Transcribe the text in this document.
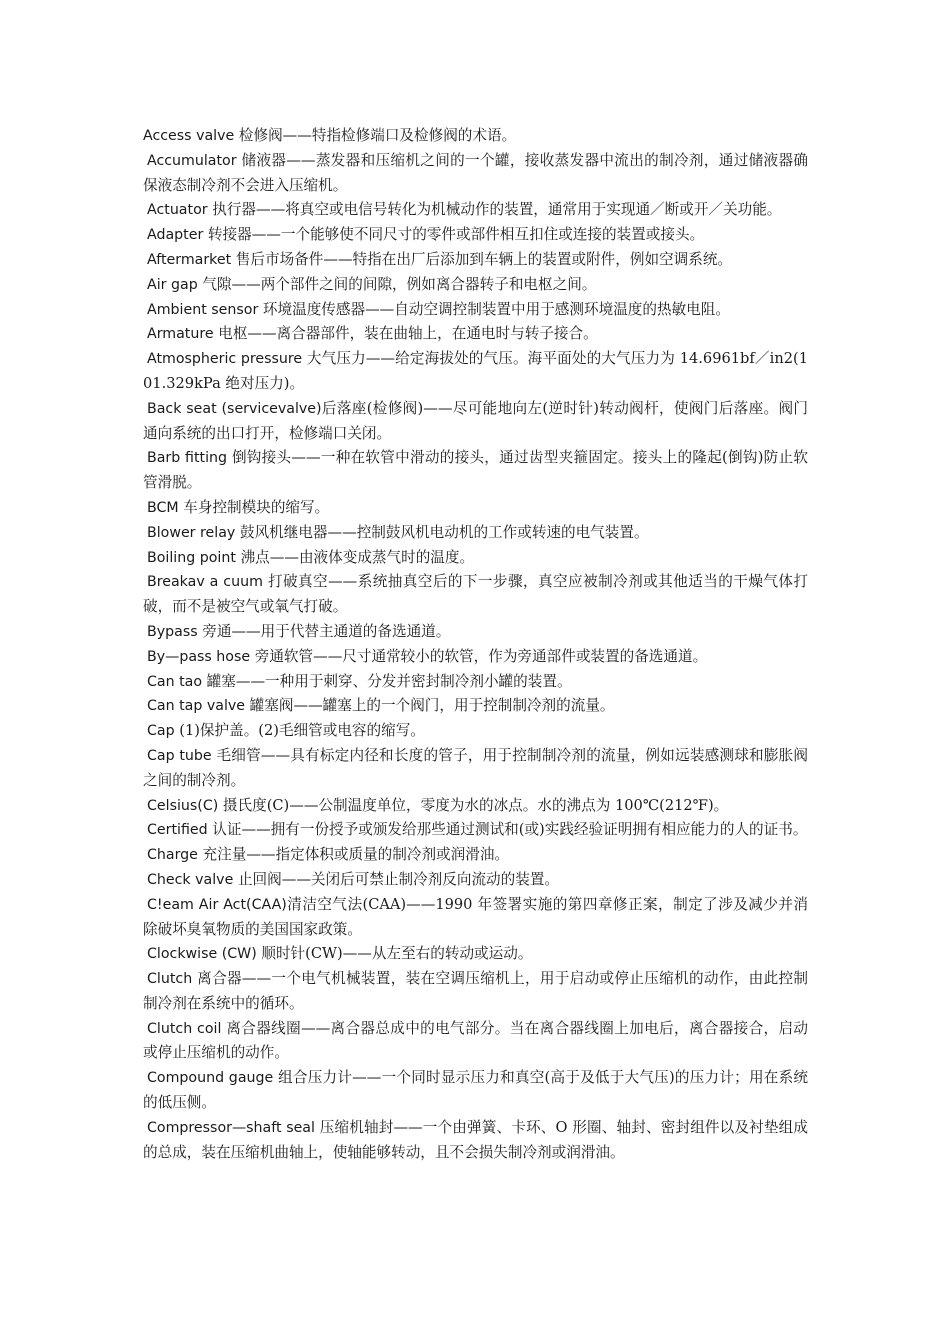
Access valve 检修阀——特指检修端口及检修阀的术语。

Accumulator 储液器——蒸发器和压缩机之间的一个罐，接收蒸发器中流出的制冷剂，通过储液器确保液态制冷剂不会进入压缩机。

Actuator 执行器——将真空或电信号转化为机械动作的装置，通常用于实现通／断或开／关功能。

Adapter 转接器——一个能够使不同尺寸的零件或部件相互扣住或连接的装置或接头。

Aftermarket 售后市场备件——特指在出厂后添加到车辆上的装置或附件，例如空调系统。

Air gap 气隙——两个部件之间的间隙，例如离合器转子和电枢之间。

Ambient sensor 环境温度传感器——自动空调控制装置中用于感测环境温度的热敏电阻。

Armature 电枢——离合器部件，装在曲轴上，在通电时与转子接合。

Atmospheric pressure 大气压力——给定海拔处的气压。海平面处的大气压力为 14.6961bf／in2(101.329kPa 绝对压力)。

Back seat (servicevalve)后落座(检修阀)——尽可能地向左(逆时针)转动阀杆，使阀门后落座。阀门通向系统的出口打开，检修端口关闭。

Barb fitting 倒钩接头——一种在软管中滑动的接头，通过齿型夹箍固定。接头上的隆起(倒钩)防止软管滑脱。

BCM 车身控制模块的缩写。

Blower relay 鼓风机继电器——控制鼓风机电动机的工作或转速的电气装置。

Boiling point 沸点——由液体变成蒸气时的温度。

Breakav a cuum 打破真空——系统抽真空后的下一步骤，真空应被制冷剂或其他适当的干燥气体打破，而不是被空气或氧气打破。

Bypass 旁通——用于代替主通道的备选通道。

By—pass hose 旁通软管——尺寸通常较小的软管，作为旁通部件或装置的备选通道。

Can tao 罐塞——一种用于刺穿、分发并密封制冷剂小罐的装置。

Can tap valve 罐塞阀——罐塞上的一个阀门，用于控制制冷剂的流量。

Cap (1)保护盖。(2)毛细管或电容的缩写。

Cap tube 毛细管——具有标定内径和长度的管子，用于控制制冷剂的流量，例如远装感测球和膨胀阀之间的制冷剂。

Celsius(C) 摄氏度(C)——公制温度单位，零度为水的冰点。水的沸点为 100℃(212℉)。

Certified 认证——拥有一份授予或颁发给那些通过测试和(或)实践经验证明拥有相应能力的人的证书。

Charge 充注量——指定体积或质量的制冷剂或润滑油。

Check valve 止回阀——关闭后可禁止制冷剂反向流动的装置。

C!eam Air Act(CAA)清洁空气法(CAA)——1990 年签署实施的第四章修正案，制定了涉及减少并消除破坏臭氧物质的美国国家政策。

Clockwise (CW) 顺时针(CW)——从左至右的转动或运动。

Clutch 离合器——一个电气机械装置，装在空调压缩机上，用于启动或停止压缩机的动作，由此控制制冷剂在系统中的循环。

Clutch coil 离合器线圈——离合器总成中的电气部分。当在离合器线圈上加电后，离合器接合，启动或停止压缩机的动作。

Compound gauge 组合压力计——一个同时显示压力和真空(高于及低于大气压)的压力计；用在系统的低压侧。

Compressor—shaft seal 压缩机轴封——一个由弹簧、卡环、O 形圈、轴封、密封组件以及衬垫组成的总成，装在压缩机曲轴上，使轴能够转动，且不会损失制冷剂或润滑油。
